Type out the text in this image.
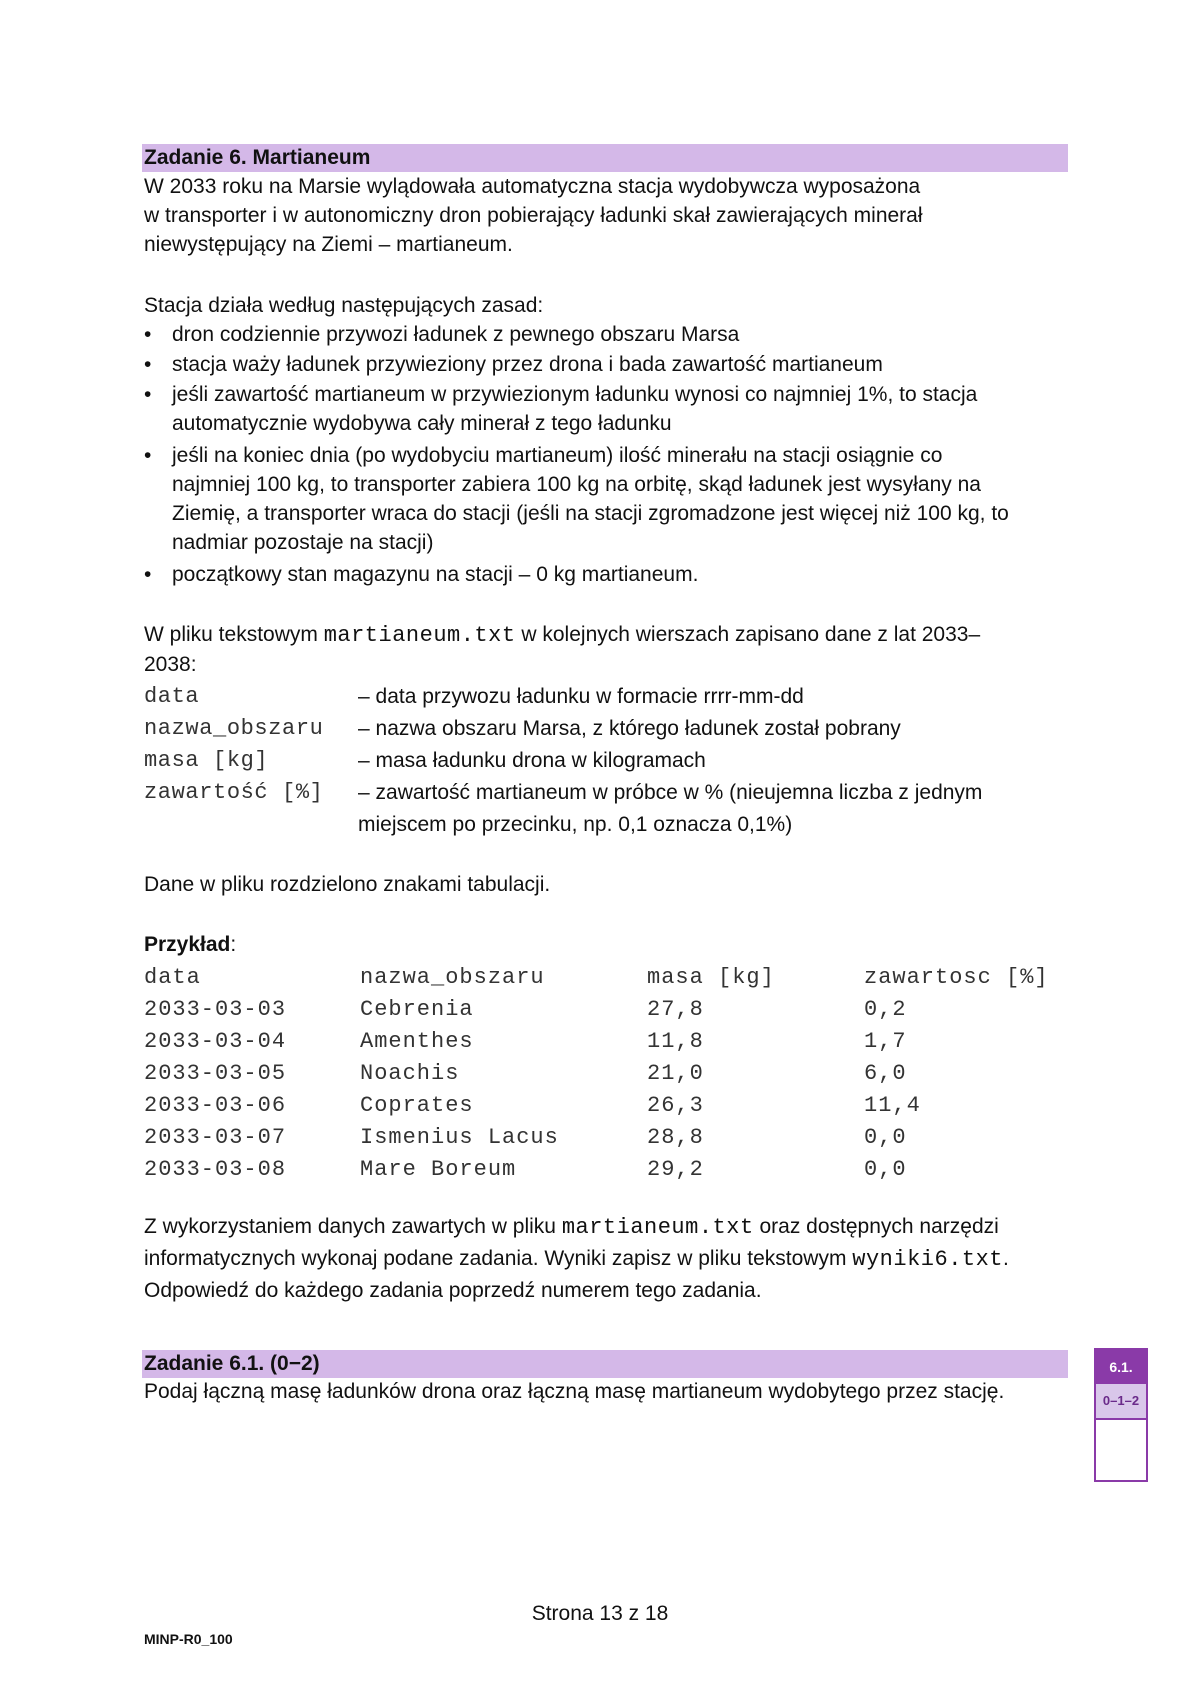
Zadanie 6. Martianeum
W 2033 roku na Marsie wylądowała automatyczna stacja wydobywcza wyposażona
w transporter i w autonomiczny dron pobierający ładunki skał zawierających minerał
niewystępujący na Ziemi – martianeum.
Stacja działa według następujących zasad:
•
dron codziennie przywozi ładunek z pewnego obszaru Marsa
•
stacja waży ładunek przywieziony przez drona i bada zawartość martianeum
•
jeśli zawartość martianeum w przywiezionym ładunku wynosi co najmniej 1%, to stacja
automatycznie wydobywa cały minerał z tego ładunku
•
jeśli na koniec dnia (po wydobyciu martianeum) ilość minerału na stacji osiągnie co
najmniej 100 kg, to transporter zabiera 100 kg na orbitę, skąd ładunek jest wysyłany na
Ziemię, a transporter wraca do stacji (jeśli na stacji zgromadzone jest więcej niż 100 kg, to
nadmiar pozostaje na stacji)
•
początkowy stan magazynu na stacji – 0 kg martianeum.
W pliku tekstowym martianeum.txt w kolejnych wierszach zapisano dane z lat 2033–
2038:
data	– data przywozu ładunku w formacie rrrr-mm-dd
nazwa_obszaru – nazwa obszaru Marsa, z którego ładunek został pobrany
masa [kg]	– masa ładunku drona w kilogramach
zawartość [%] – zawartość martianeum w próbce w % (nieujemna liczba z jednym
miejscem po przecinku, np. 0,1 oznacza 0,1%)
Dane w pliku rozdzielono znakami tabulacji.
Przykład:
data	nazwa_obszaru	masa [kg]	zawartosc [%]
2033-03-03	Cebrenia	27,8	0,2
2033-03-04	Amenthes	11,8	1,7
2033-03-05	Noachis	21,0	6,0
2033-03-06	Coprates	26,3	11,4
2033-03-07	Ismenius Lacus	28,8	0,0
2033-03-08	Mare Boreum	29,2	0,0
Z wykorzystaniem danych zawartych w pliku martianeum.txt oraz dostępnych narzędzi
informatycznych wykonaj podane zadania. Wyniki zapisz w pliku tekstowym wyniki6.txt.
Odpowiedź do każdego zadania poprzedź numerem tego zadania.
Zadanie 6.1. (0−2)
Podaj łączną masę ładunków drona oraz łączną masę martianeum wydobytego przez stację.
6.1.
0–1–2
Strona 13 z 18
MINP-R0_100
